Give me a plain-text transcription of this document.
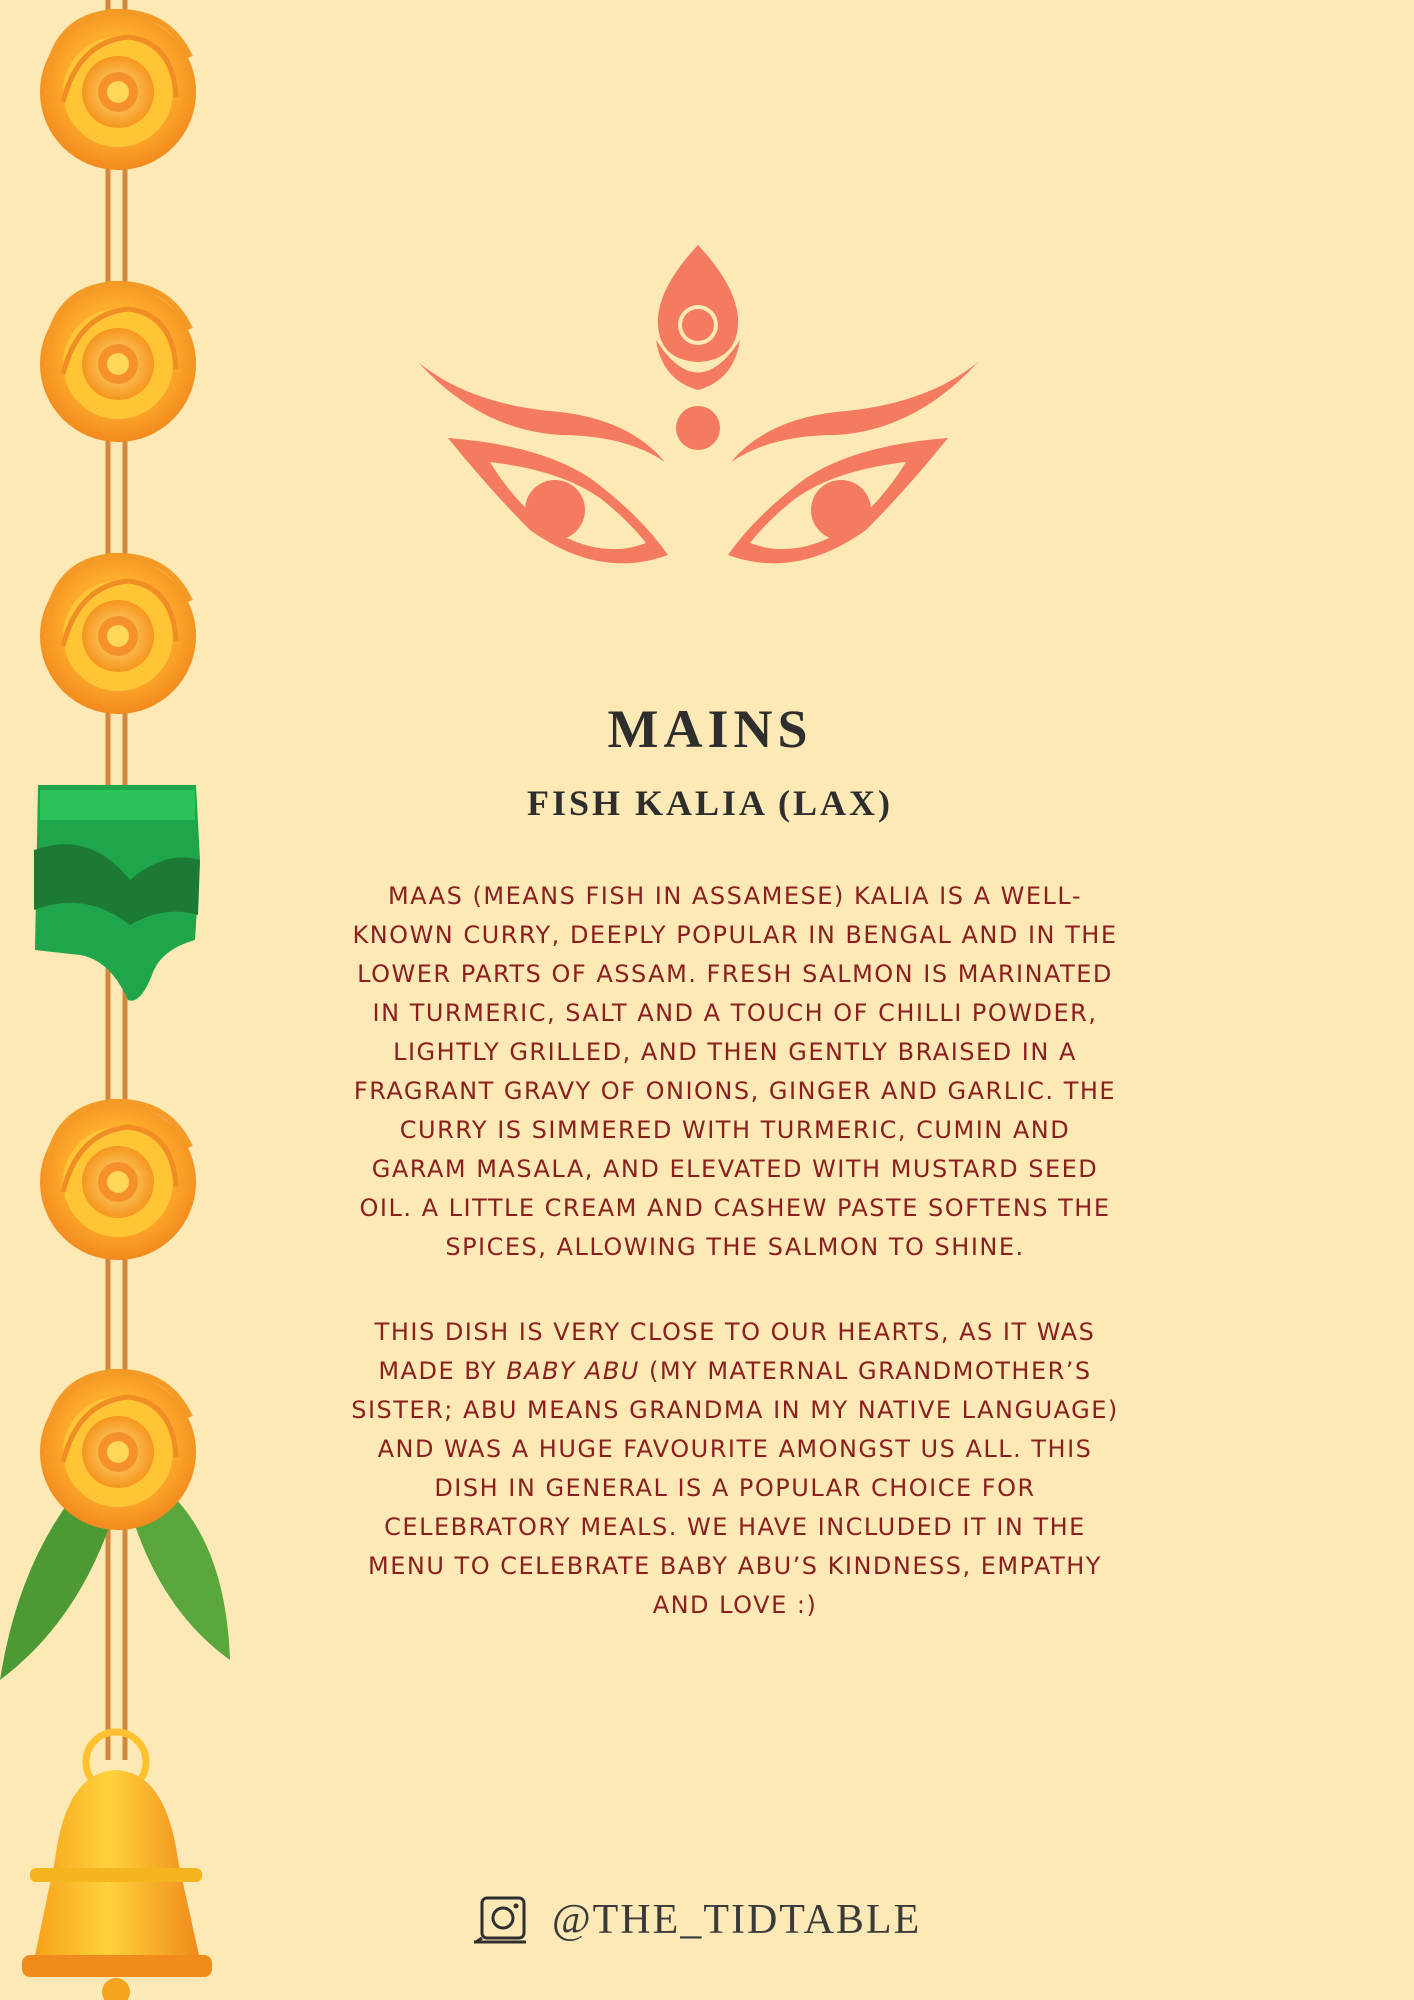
MAINS
FISH KALIA (LAX)

MAAS (MEANS FISH IN ASSAMESE) KALIA IS A WELL-KNOWN CURRY, DEEPLY POPULAR IN BENGAL AND IN THE LOWER PARTS OF ASSAM. FRESH SALMON IS MARINATED IN TURMERIC, SALT AND A TOUCH OF CHILLI POWDER, LIGHTLY GRILLED, AND THEN GENTLY BRAISED IN A FRAGRANT GRAVY OF ONIONS, GINGER AND GARLIC. THE CURRY IS SIMMERED WITH TURMERIC, CUMIN AND GARAM MASALA, AND ELEVATED WITH MUSTARD SEED OIL. A LITTLE CREAM AND CASHEW PASTE SOFTENS THE SPICES, ALLOWING THE SALMON TO SHINE.

THIS DISH IS VERY CLOSE TO OUR HEARTS, AS IT WAS MADE BY BABY ABU (MY MATERNAL GRANDMOTHER’S SISTER; ABU MEANS GRANDMA IN MY NATIVE LANGUAGE) AND WAS A HUGE FAVOURITE AMONGST US ALL. THIS DISH IN GENERAL IS A POPULAR CHOICE FOR CELEBRATORY MEALS. WE HAVE INCLUDED IT IN THE MENU TO CELEBRATE BABY ABU’S KINDNESS, EMPATHY AND LOVE :)

@THE_TIDTABLE
